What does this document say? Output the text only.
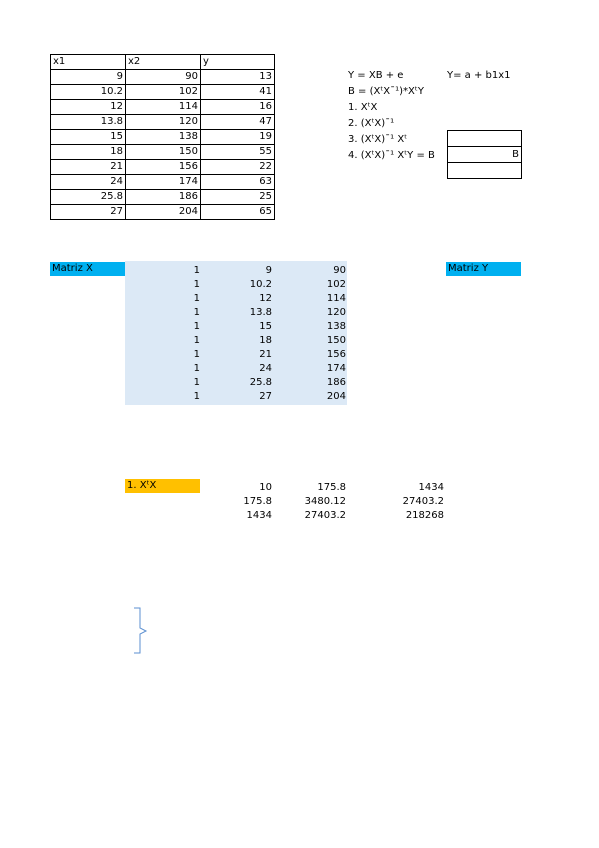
x1	x2	y
9	90	13
10.2	102	41
12	114	16
13.8	120	47
15	138	19
18	150	55
21	156	22
24	174	63
25.8	186	25
27	204	65
Y = XB + e	Y= a + b1x1
B = (XᵗXˉ¹)*XᵗY
1. XᵗX
2. (XᵗX)ˉ¹
3. (XᵗX)ˉ¹ Xᵗ
4. (XᵗX)ˉ¹ XᵗY = B	B
Matriz X	1	9	90
1	10.2	102
1	12	114
1	13.8	120
1	15	138
1	18	150
1	21	156
1	24	174
1	25.8	186
1	27	204
Matriz Y
1. XᵗX	10	175.8	1434
175.8	3480.12	27403.2
1434	27403.2	218268
